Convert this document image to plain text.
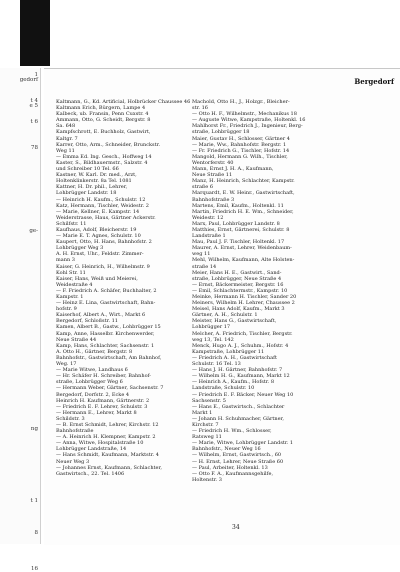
1
gedorf
t 4
e 5
t 6
78
ge-
ng
t 1
8
16
Bergedorf
Kaltmann, G., Kd. Artificial, Holbrücker Chaussee 46
Kaltmann Erich, Bürgern, Lampe 4
Kalbeck, ub. Fransin, Penn Cuxstr. 4
Ammann, Otto, G. Scheidt, Bergstr. 8
Sa. 648
Kampfschrott, E. Buchholz, Gastwirt,
Kaltgr. 7
Karrer, Otto, Arm., Schneider, Brunckstr.
Weg 11
— Emma Ed. Ing. Gesch., Hoffweg 14
Kaster, S., Bildhauermstr., Salzstr. 4
und Schreiber 10 Tel. 66
Kastner, W. Karl. Dr. med., Arzt,
Holtenklinkerstr. 8a Tel. 1081
Kattner, H. Dr. phil., Lehrer,
Lohbrügger Landstr. 18
— Heinrich H. Kaufm., Schulstr. 12
Katz, Hermann, Tischler, Weidestr. 2
— Marie, Kellner, E. Kampstr. 14
Weiderstrasse, Haus, Gärtner Ackerstr.
Schilfstr. 11
Kaufhaus, Adolf, Bleicherstr. 19
— Marie E. T. Agnes, Schulstr. 10
Kaupert, Otto, H. Hans, Bahnhofstr. 2
Lohbrügger Weg 3
A. H. Ernst, Uhr., Feldstr. Zimmer-
mann 3
Kaiser, G. Heinrich, H., Wilhelmstr. 9
Kohl Str. 11
Kaiser, Hans, Weiß und Meierei,
Weidestraße 4
— F. Friedrich A. Schäfer, Buchhalter, 2
Kampstr. 1
— Heinz E. Lina, Gastwirtschaft, Bahn-
hofstr. 9
Kaiserhof, Albert A., Wirt., Markt 6
Bergedorf, Schloßstr. 11
Kamen, Albert B., Gastw., Lohbrügger 15
Kamp, Anne, Hasselbr. Kirchenwerder,
Neue Straße 44
Kamp, Hans, Schlachter, Sachsenstr. 1
A. Otto H., Gärtner, Bergstr. 8
Bahnhofstr., Gastwirtschaft, Am Bahnhof,
Weg. 17
— Marie Witwe, Landhaus 6
— Hr. Schäfer H. Schreiber, Bahnhof-
straße, Lohbrügger Weg 6
— Hermann Weber, Gärtner, Sachsenstr. 7
Bergedorf, Dorfstr. 2, Ecke 4
Heinrich H. Kaufmann, Gärtnerstr. 2
— Friedrich E. F. Lehrer, Schulstr. 3
— Hermann E., Lehrer, Markt 8
Schildstr. 3
— B. Ernst Schmidt, Lehrer, Kirchstr. 12
Bahnhofstraße
— A. Heinrich H. Klempner, Kampstr. 2
— Anna, Witwe, Hospitalstraße 10
Lohbrügger Landstraße, 14
— Hans Schmidt, Kaufmann, Marktstr. 4
Neuer Weg 3
— Johannes Ernst, Kaufmann, Schlachter,
Gastwirtsch., 22. Tel. 1406
Machold, Otto H., J., Holzgr., Bleicher-
str. 16
— Otto H. F., Wilhelmstr., Mechanikus 18
— Auguste Witwe, Kampstraße, Holtenkl. 16
Mahlhorst Fr., Friedrich J., Ingenieur, Berg-
straße, Lohbrügger 18
Maier, Gustav H., Schlosser, Gärtner 4
— Marie, Ww., Bahnhofstr. Bergstr. 1
— Fr. Friedrich G., Tischler, Hofstr. 14
Mangold, Hermann G. Wilh., Tischler,
Wentorferstr. 40
Mann, Ernst J. H. A., Kaufmann,
Neue Straße 11
Manz, H. Heinrich, Schlachter, Kampstr.
straße 6
Marquardt, E. W. Heinr., Gastwirtschaft,
Bahnhofstraße 3
Martens, Emil, Kaufm., Holtenkl. 11
Martin, Friedrich H. E. Wm., Schneider,
Weidestr. 12
Marx, Paul, Lohbrügger Landstr. 8
Matthies, Ernst, Gärtnerei, Schulstr. 8
Landstraße 1
Mau, Paul J. F. Tischler, Holtenkl. 17
Maurer, A. Ernst, Lehrer, Weidenbaum-
weg 11
Mehl, Wilhelm, Kaufmann, Alte Holsten-
straße 14
Meier, Hans H. E., Gastwirt., Sand-
straße, Lohbrügger, Neue Straße 4
— Ernst, Bäckermeister, Bergstr. 16
— Emil, Schlachtermstr., Kampstr. 10
Meinke, Hermann H. Tischler, Sander 20
Meiners, Wilhelm H. Lehrer, Chaussee 2
Meisel, Hans Adolf, Kaufm., Markt 3
Gärtner, A. H., Schulstr. 1
Meister, Hans G., Gastwirtschaft,
Lohbrügger 17
Melcher, A. Friedrich, Tischler, Bergstr.
weg 13, Tel. 142
Menck, Hugo A. J., Schuhm., Hofstr. 4
Kampstraße, Lohbrügger 11
— Friedrich A. H., Gastwirtschaft
Schulstr. 16 Tel. 13
— Hans J. H. Gärtner, Bahnhofstr. 7
— Wilhelm H. G., Kaufmann, Markt 12
— Heinrich A., Kaufm., Hofstr. 8
Landstraße, Schulstr. 10
— Friedrich E. F. Bäcker, Neuer Weg 10
Sachsenstr. 5
— Hans E., Gastwirtsch., Schlachter
Markt 1
— Johann H. Schuhmacher, Gärtner,
Kirchstr. 7
— Friedrich H. Wm., Schlosser,
Ratsweg 11
— Marie, Witwe, Lohbrügger Landstr. 1
Bahnhofstr., Neuer Weg 16
— Wilhelm, Ernst, Gastwirtsch., 60
— H. Ernst, Lehrer, Neue Straße 60
— Paul, Arbeiter, Holtenkl. 13
— Otto F. A., Kaufmannsgehilfe,
Holtenstr. 3
34
